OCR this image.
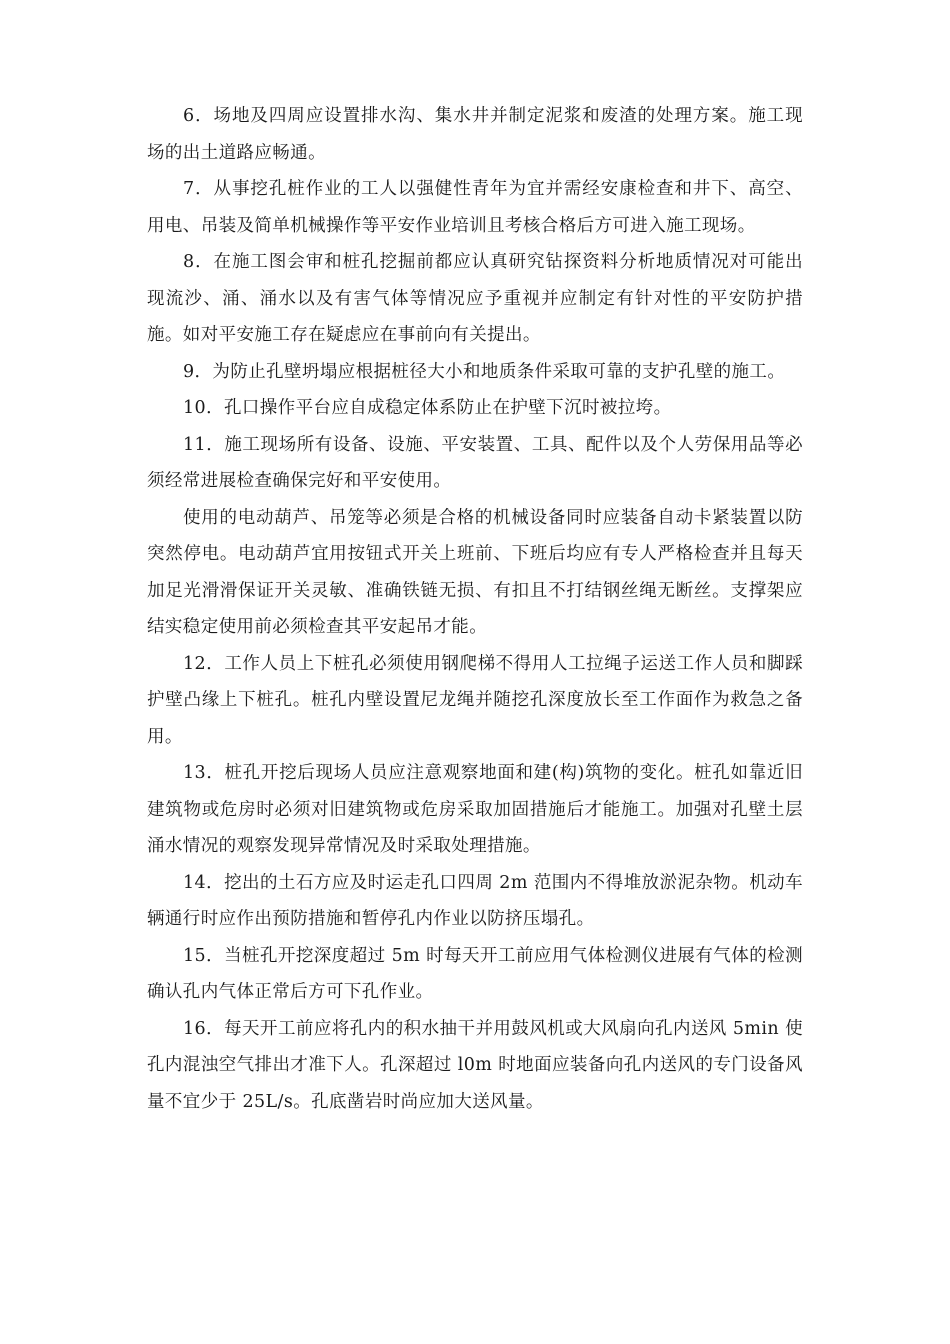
6．场地及四周应设置排水沟、集水井并制定泥浆和废渣的处理方案。施工现场的出土道路应畅通。

7．从事挖孔桩作业的工人以强健性青年为宜并需经安康检查和井下、高空、用电、吊装及简单机械操作等平安作业培训且考核合格后方可进入施工现场。

8．在施工图会审和桩孔挖掘前都应认真研究钻探资料分析地质情况对可能出现流沙、涌、涌水以及有害气体等情况应予重视并应制定有针对性的平安防护措施。如对平安施工存在疑虑应在事前向有关提出。

9．为防止孔壁坍塌应根据桩径大小和地质条件采取可靠的支护孔壁的施工。

10．孔口操作平台应自成稳定体系防止在护壁下沉时被拉垮。

11．施工现场所有设备、设施、平安装置、工具、配件以及个人劳保用品等必须经常进展检查确保完好和平安使用。

使用的电动葫芦、吊笼等必须是合格的机械设备同时应装备自动卡紧装置以防突然停电。电动葫芦宜用按钮式开关上班前、下班后均应有专人严格检查并且每天加足光滑滑保证开关灵敏、准确铁链无损、有扣且不打结钢丝绳无断丝。支撑架应结实稳定使用前必须检查其平安起吊才能。

12．工作人员上下桩孔必须使用钢爬梯不得用人工拉绳子运送工作人员和脚踩护壁凸缘上下桩孔。桩孔内壁设置尼龙绳并随挖孔深度放长至工作面作为救急之备用。

13．桩孔开挖后现场人员应注意观察地面和建(构)筑物的变化。桩孔如靠近旧建筑物或危房时必须对旧建筑物或危房采取加固措施后才能施工。加强对孔壁土层涌水情况的观察发现异常情况及时采取处理措施。

14．挖出的土石方应及时运走孔口四周 2m 范围内不得堆放淤泥杂物。机动车辆通行时应作出预防措施和暂停孔内作业以防挤压塌孔。

15．当桩孔开挖深度超过 5m 时每天开工前应用气体检测仪进展有气体的检测确认孔内气体正常后方可下孔作业。

16．每天开工前应将孔内的积水抽干并用鼓风机或大风扇向孔内送风 5min 使孔内混浊空气排出才准下人。孔深超过 l0m 时地面应装备向孔内送风的专门设备风量不宜少于 25L/s。孔底凿岩时尚应加大送风量。
